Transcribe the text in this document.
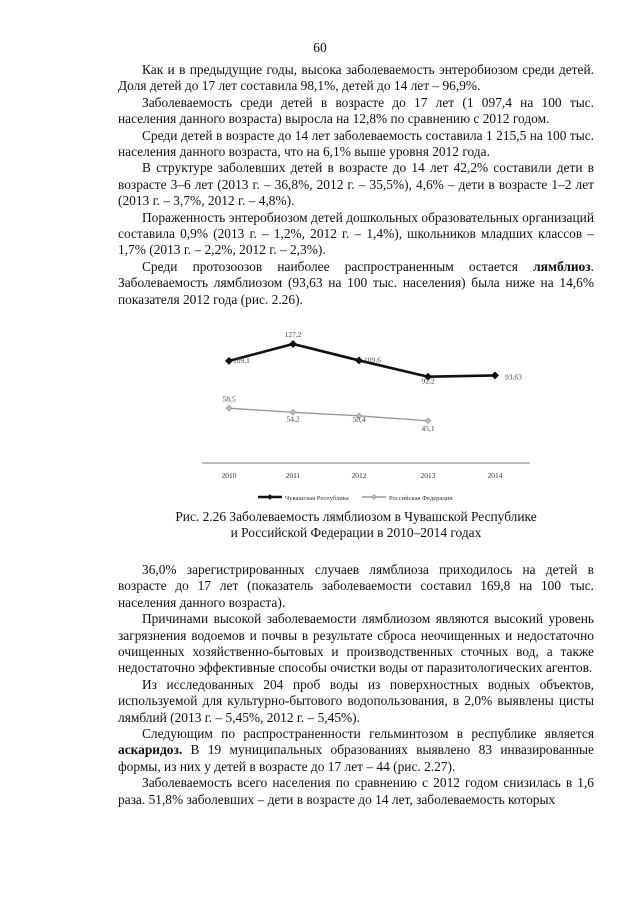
60

Как и в предыдущие годы, высока заболеваемость энтеробиозом среди детей. Доля детей до 17 лет составила 98,1%, детей до 14 лет – 96,9%.

Заболеваемость среди детей в возрасте до 17 лет (1 097,4 на 100 тыс. населения данного возраста) выросла на 12,8% по сравнению с 2012 годом.

Среди детей в возрасте до 14 лет заболеваемость составила 1 215,5 на 100 тыс. населения данного возраста, что на 6,1% выше уровня 2012 года.

В структуре заболевших детей в возрасте до 14 лет 42,2% составили дети в возрасте 3–6 лет (2013 г. – 36,8%, 2012 г. – 35,5%), 4,6% – дети в возрасте 1–2 лет (2013 г. – 3,7%, 2012 г. – 4,8%).

Пораженность энтеробиозом детей дошкольных образовательных организаций составила 0,9% (2013 г. – 1,2%, 2012 г. – 1,4%), школьников младших классов – 1,7% (2013 г. – 2,2%, 2012 г. – 2,3%).

Среди протозоозов наиболее распространенным остается лямблиоз. Заболеваемость лямблиозом (93,63 на 100 тыс. населения) была ниже на 14,6% показателя 2012 года (рис. 2.26).

109,1
127,2
109,6
92,2	93,63
58,5
54,2	50,4
45,1
2010	2011	2012	2013	2014
Чувашская Республика	Российская Федерация
Рис. 2.26 Заболеваемость лямблиозом в Чувашской Республике
и Российской Федерации в 2010–2014 годах

36,0% зарегистрированных случаев лямблиоза приходилось на детей в возрасте до 17 лет (показатель заболеваемости составил 169,8 на 100 тыс. населения данного возраста).

Причинами высокой заболеваемости лямблиозом являются высокий уровень загрязнения водоемов и почвы в результате сброса неочищенных и недостаточно очищенных хозяйственно-бытовых и производственных сточных вод, а также недостаточно эффективные способы очистки воды от паразитологических агентов.

Из исследованных 204 проб воды из поверхностных водных объектов, используемой для культурно-бытового водопользования, в 2,0% выявлены цисты лямблий (2013 г. – 5,45%, 2012 г. – 5,45%).

Следующим по распространенности гельминтозом в республике является аскаридоз. В 19 муниципальных образованиях выявлено 83 инвазированные формы, из них у детей в возрасте до 17 лет – 44 (рис. 2.27).

Заболеваемость всего населения по сравнению с 2012 годом снизилась в 1,6 раза. 51,8% заболевших – дети в возрасте до 14 лет, заболеваемость которых
